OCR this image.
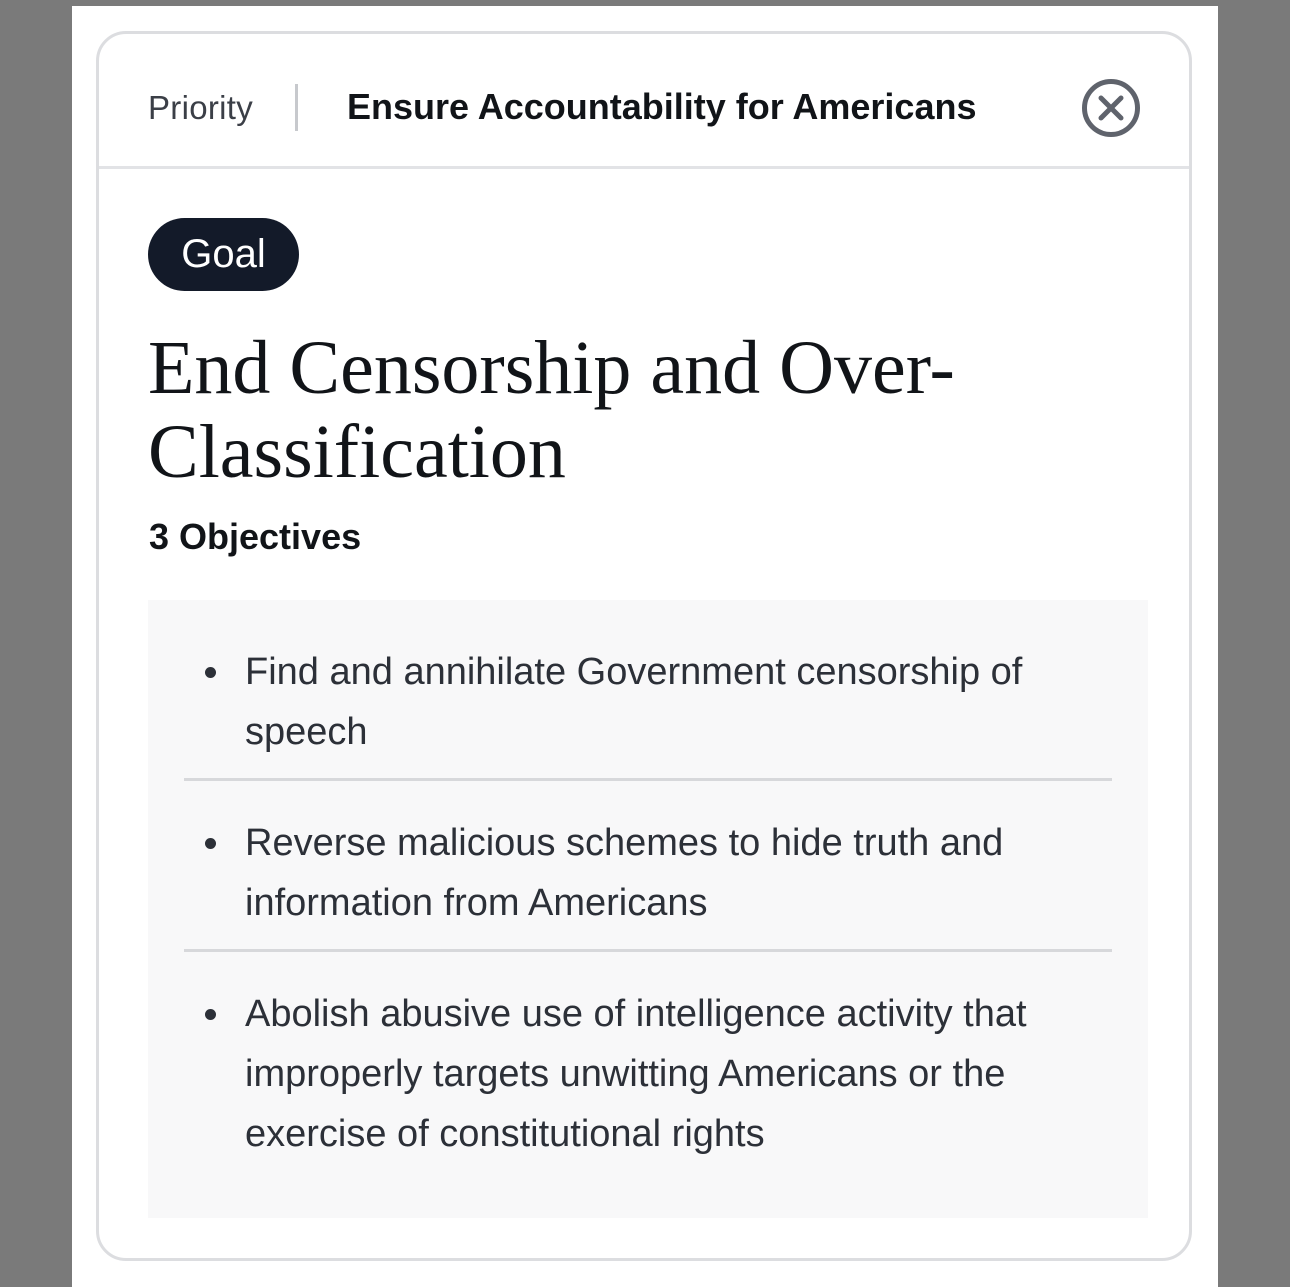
Priority	Ensure Accountability for Americans
Goal
End Censorship and Over-Classification
3 Objectives
Find and annihilate Government censorship of speech
Reverse malicious schemes to hide truth and information from Americans
Abolish abusive use of intelligence activity that improperly targets unwitting Americans or the exercise of constitutional rights
